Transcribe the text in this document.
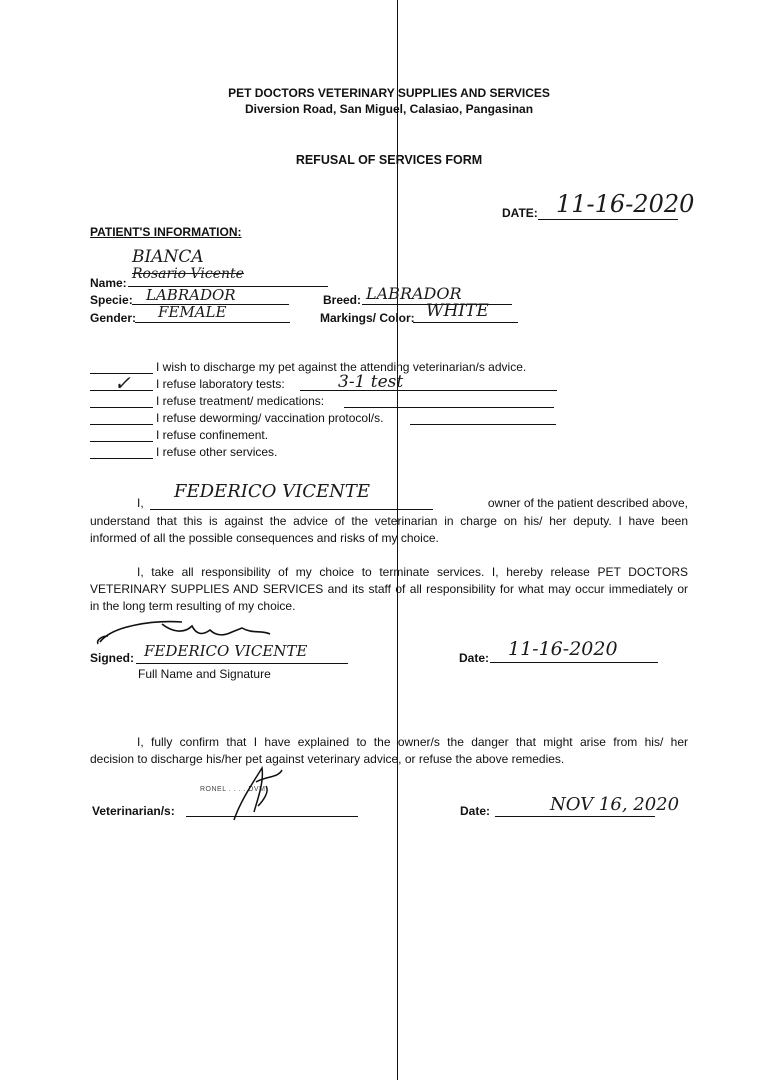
PET DOCTORS VETERINARY SUPPLIES AND SERVICES
Diversion Road, San Miguel, Calasiao, Pangasinan
REFUSAL OF SERVICES FORM
DATE: 11-16-2020
PATIENT'S INFORMATION:
BIANCA
Name:
Rosario Vicente
Specie: LABRADOR	Breed: LABRADOR
Gender: FEMALE	Markings/ Color: WHITE
I wish to discharge my pet against the attending veterinarian/s advice.
✓ I refuse laboratory tests:	3-1 test
I refuse treatment/ medications:
I refuse deworming/ vaccination protocol/s.
I refuse confinement.
I refuse other services.
I,
FEDERICO VICENTE
owner of the patient described above,
understand that this is against the advice of the veterinarian in charge on his/ her deputy. I have been
informed of all the possible consequences and risks of my choice.
I, take all responsibility of my choice to terminate services. I, hereby release PET DOCTORS
VETERINARY SUPPLIES AND SERVICES and its staff of all responsibility for what may occur immediately or
in the long term resulting of my choice.
Signed: FEDERICO VICENTE
Full Name and Signature
Date: 11-16-2020
I, fully confirm that I have explained to the owner/s the danger that might arise from his/ her
decision to discharge his/her pet against veterinary advice, or refuse the above remedies.
RONEL . . . . DVM
Veterinarian/s:	Date:	NOV 16, 2020
